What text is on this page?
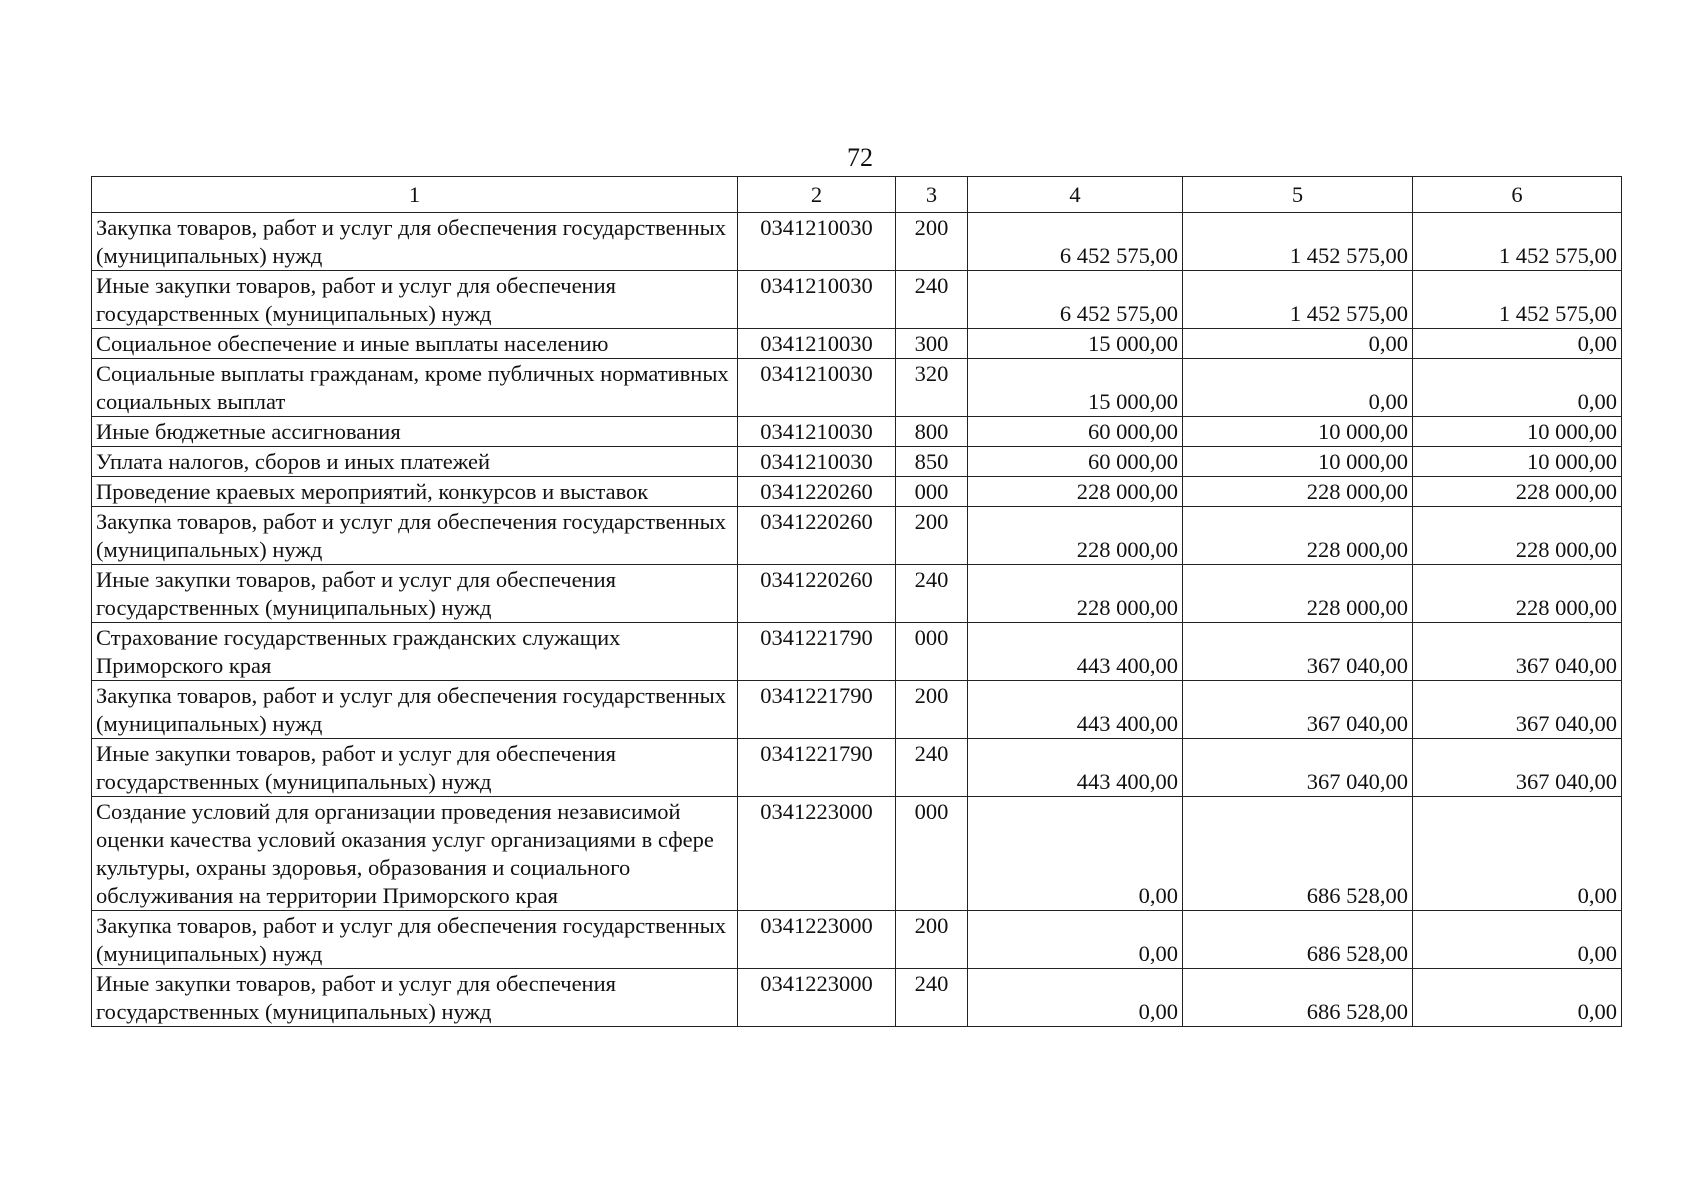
72
1	2	3	4	5	6
Закупка товаров, работ и услуг для обеспечения государственных (муниципальных) нужд	0341210030	200	6 452 575,00	1 452 575,00	1 452 575,00
Иные закупки товаров, работ и услуг для обеспечения государственных (муниципальных) нужд	0341210030	240	6 452 575,00	1 452 575,00	1 452 575,00
Социальное обеспечение и иные выплаты населению	0341210030	300	15 000,00	0,00	0,00
Социальные выплаты гражданам, кроме публичных нормативных социальных выплат	0341210030	320	15 000,00	0,00	0,00
Иные бюджетные ассигнования	0341210030	800	60 000,00	10 000,00	10 000,00
Уплата налогов, сборов и иных платежей	0341210030	850	60 000,00	10 000,00	10 000,00
Проведение краевых мероприятий, конкурсов и выставок	0341220260	000	228 000,00	228 000,00	228 000,00
Закупка товаров, работ и услуг для обеспечения государственных (муниципальных) нужд	0341220260	200	228 000,00	228 000,00	228 000,00
Иные закупки товаров, работ и услуг для обеспечения государственных (муниципальных) нужд	0341220260	240	228 000,00	228 000,00	228 000,00
Страхование государственных гражданских служащих Приморского края	0341221790	000	443 400,00	367 040,00	367 040,00
Закупка товаров, работ и услуг для обеспечения государственных (муниципальных) нужд	0341221790	200	443 400,00	367 040,00	367 040,00
Иные закупки товаров, работ и услуг для обеспечения государственных (муниципальных) нужд	0341221790	240	443 400,00	367 040,00	367 040,00
Создание условий для организации проведения независимой оценки качества условий оказания услуг организациями в сфере культуры, охраны здоровья, образования и социального обслуживания на территории Приморского края	0341223000	000	0,00	686 528,00	0,00
Закупка товаров, работ и услуг для обеспечения государственных (муниципальных) нужд	0341223000	200	0,00	686 528,00	0,00
Иные закупки товаров, работ и услуг для обеспечения государственных (муниципальных) нужд	0341223000	240	0,00	686 528,00	0,00
